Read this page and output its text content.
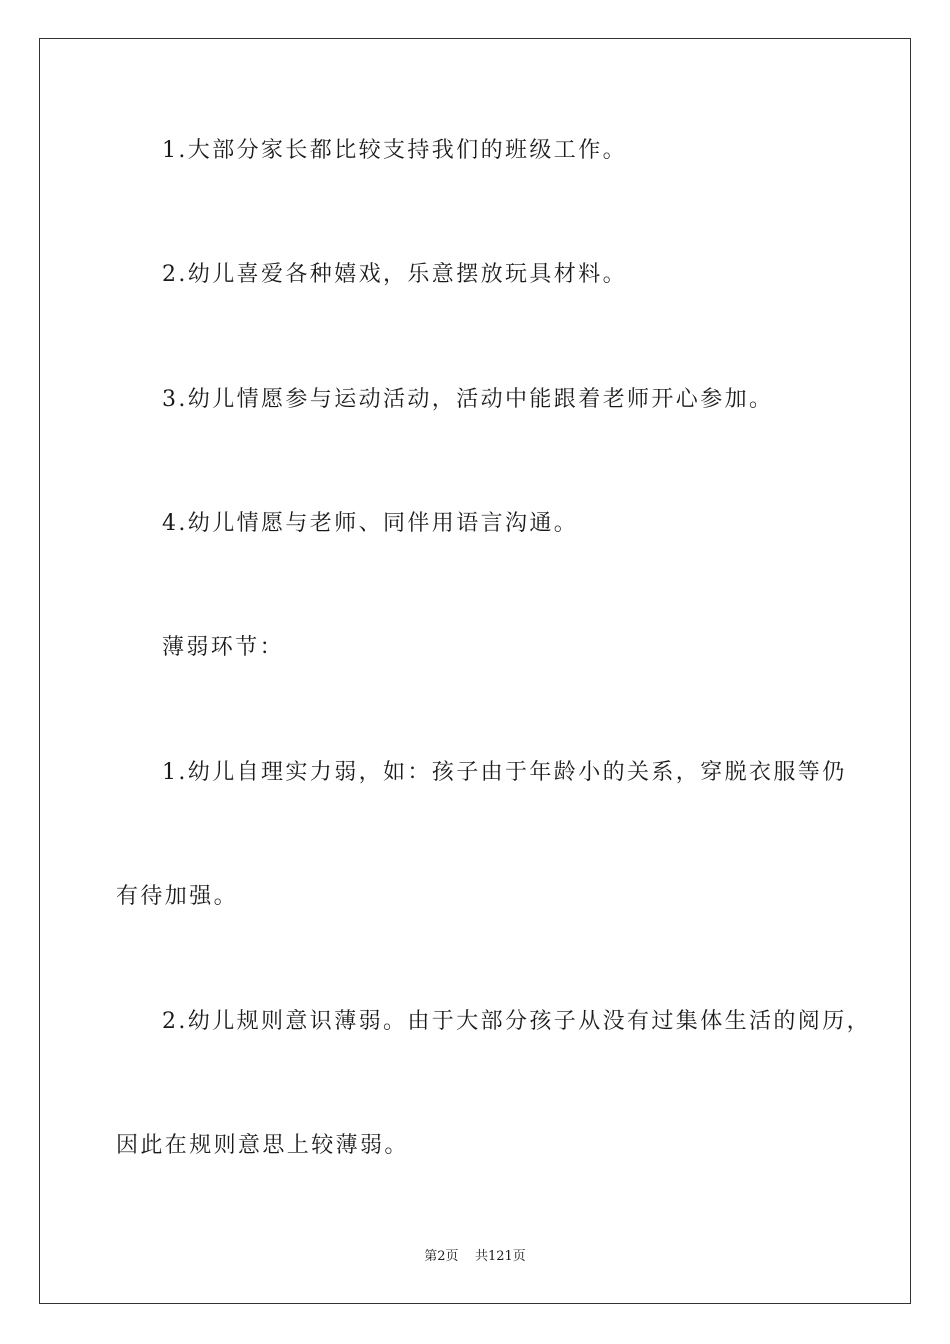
1.大部分家长都比较支持我们的班级工作。
2.幼儿喜爱各种嬉戏，乐意摆放玩具材料。
3.幼儿情愿参与运动活动，活动中能跟着老师开心参加。
4.幼儿情愿与老师、同伴用语言沟通。
薄弱环节：
1.幼儿自理实力弱，如：孩子由于年龄小的关系，穿脱衣服等仍
有待加强。
2.幼儿规则意识薄弱。由于大部分孩子从没有过集体生活的阅历，
因此在规则意思上较薄弱。
第2页    共121页
